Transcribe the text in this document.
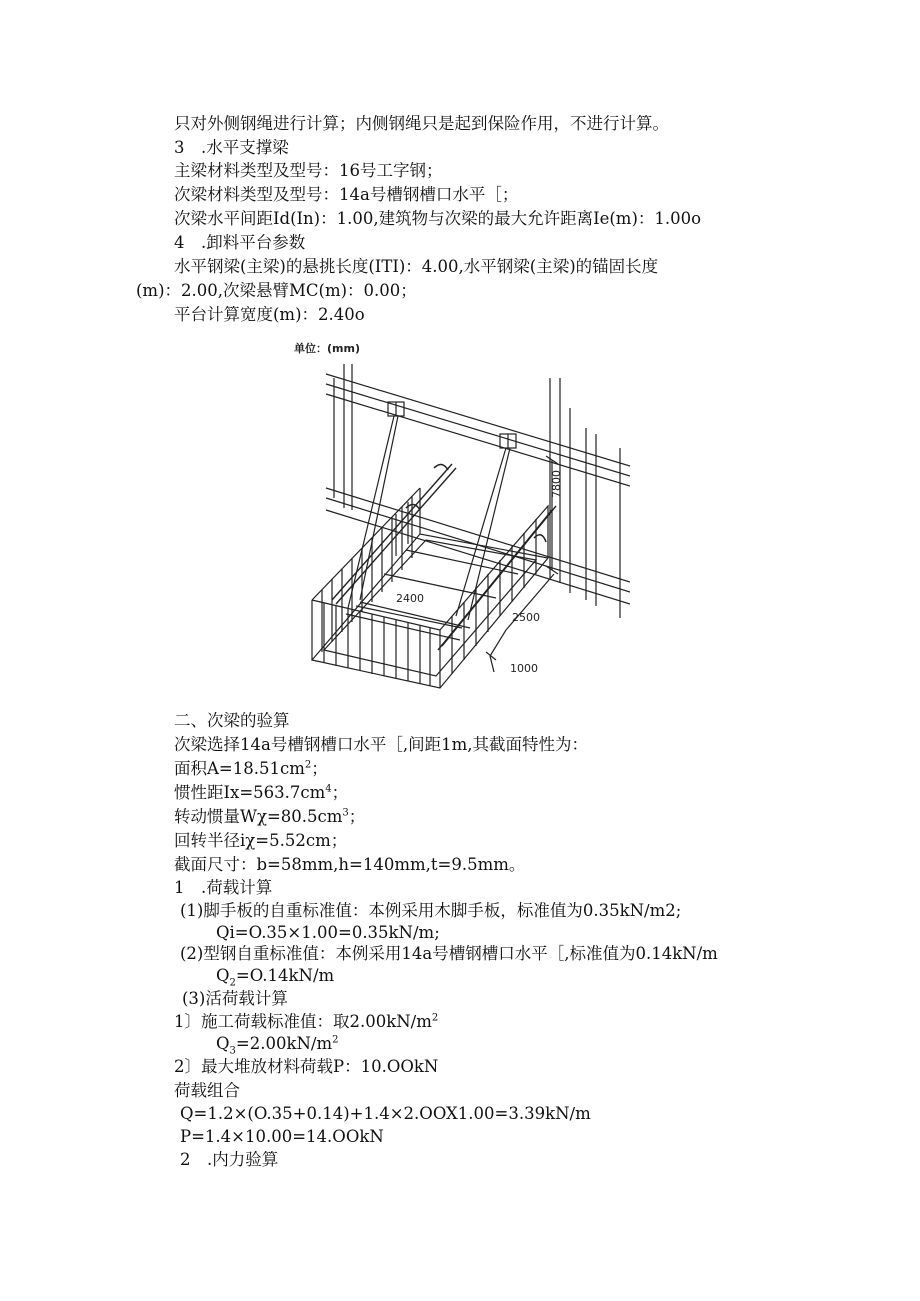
只对外侧钢绳进行计算；内侧钢绳只是起到保险作用，不进行计算。
3　.水平支撑梁
主梁材料类型及型号：16号工字钢；
次梁材料类型及型号：14a号槽钢槽口水平［；
次梁水平间距Id(In)：1.00,建筑物与次梁的最大允许距离Ie(m)：1.00o
4　.卸料平台参数
水平钢梁(主梁)的悬挑长度(ITI)：4.00,水平钢梁(主梁)的锚固长度
(m)：2.00,次梁悬臂MC(m)：0.00；
平台计算宽度(m)：2.40o
单位：(mm)
7800
2400
2500
1000
二、次梁的验算
次梁选择14a号槽钢槽口水平［,间距1m,其截面特性为：
面积$A=18.51cm^2$；
惯性距$Ix=563.7cm^4$；
转动惯量$W\chi=80.5cm^3$；
回转半径iχ=5.52cm；
截面尺寸：b=58mm,h=140mm,t=9.5mm。
1　.荷载计算
(1)脚手板的自重标准值：本例采用木脚手板，标准值为0.35kN∕m2;
Qi=O.35×1.00=0.35kN∕m;
(2)型钢自重标准值：本例采用14a号槽钢槽口水平［,标准值为0.14kN/m
$Q_2=O.14kN/m$
(3)活荷载计算
1〕施工荷载标准值：取$2.00kN∕m^2$
$Q_3=2.00kN∕m^2$
2〕最大堆放材料荷载P：10.OOkN
荷载组合
Q=1.2×(O.35+0.14)+1.4×2.OOX1.00=3.39kN∕m
P=1.4×10.00=14.OOkN
2　.内力验算
